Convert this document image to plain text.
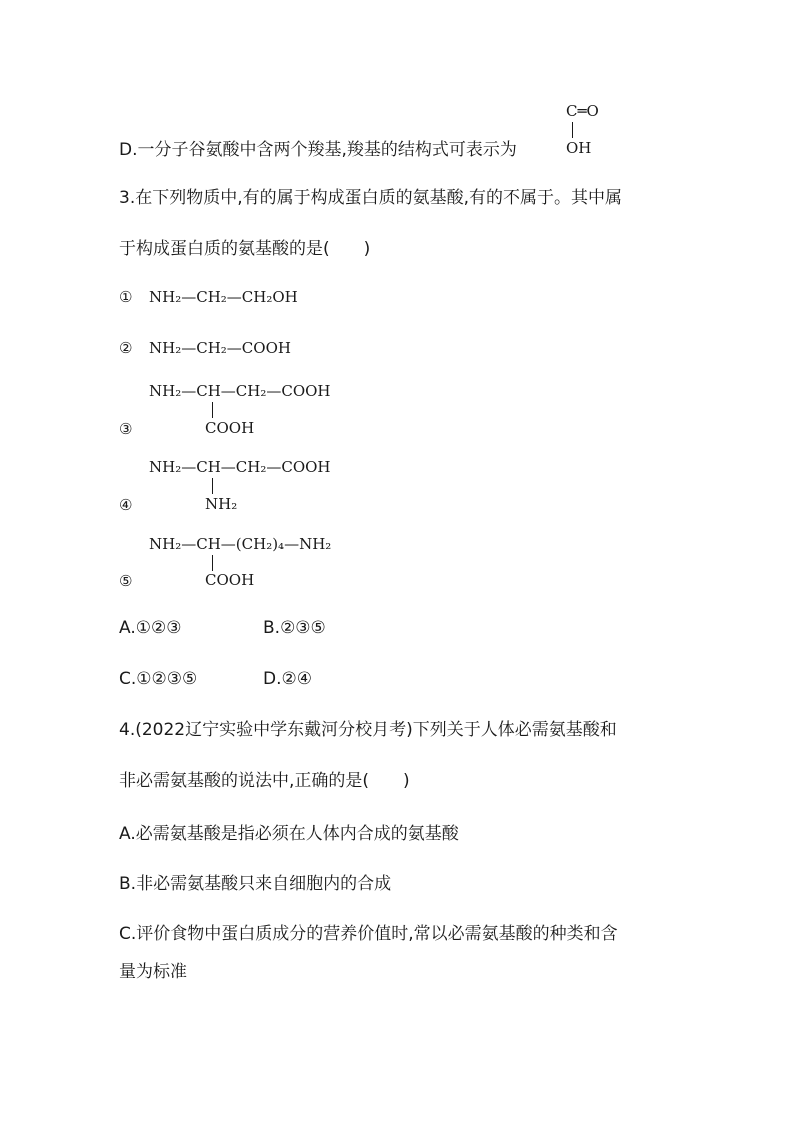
D.一分子谷氨酸中含两个羧基,羧基的结构式可表示为
C═O
OH
3.在下列物质中,有的属于构成蛋白质的氨基酸,有的不属于。其中属
于构成蛋白质的氨基酸的是(　　)
① NH₂—CH₂—CH₂OH
② NH₂—CH₂—COOH
NH₂—CH—CH₂—COOH
③	COOH
NH₂—CH—CH₂—COOH
④	NH₂
NH₂—CH—(CH₂)₄—NH₂
⑤	COOH
A.①②③	B.②③⑤
C.①②③⑤	D.②④
4.(2022辽宁实验中学东戴河分校月考)下列关于人体必需氨基酸和
非必需氨基酸的说法中,正确的是(　　)
A.必需氨基酸是指必须在人体内合成的氨基酸
B.非必需氨基酸只来自细胞内的合成
C.评价食物中蛋白质成分的营养价值时,常以必需氨基酸的种类和含
量为标准
